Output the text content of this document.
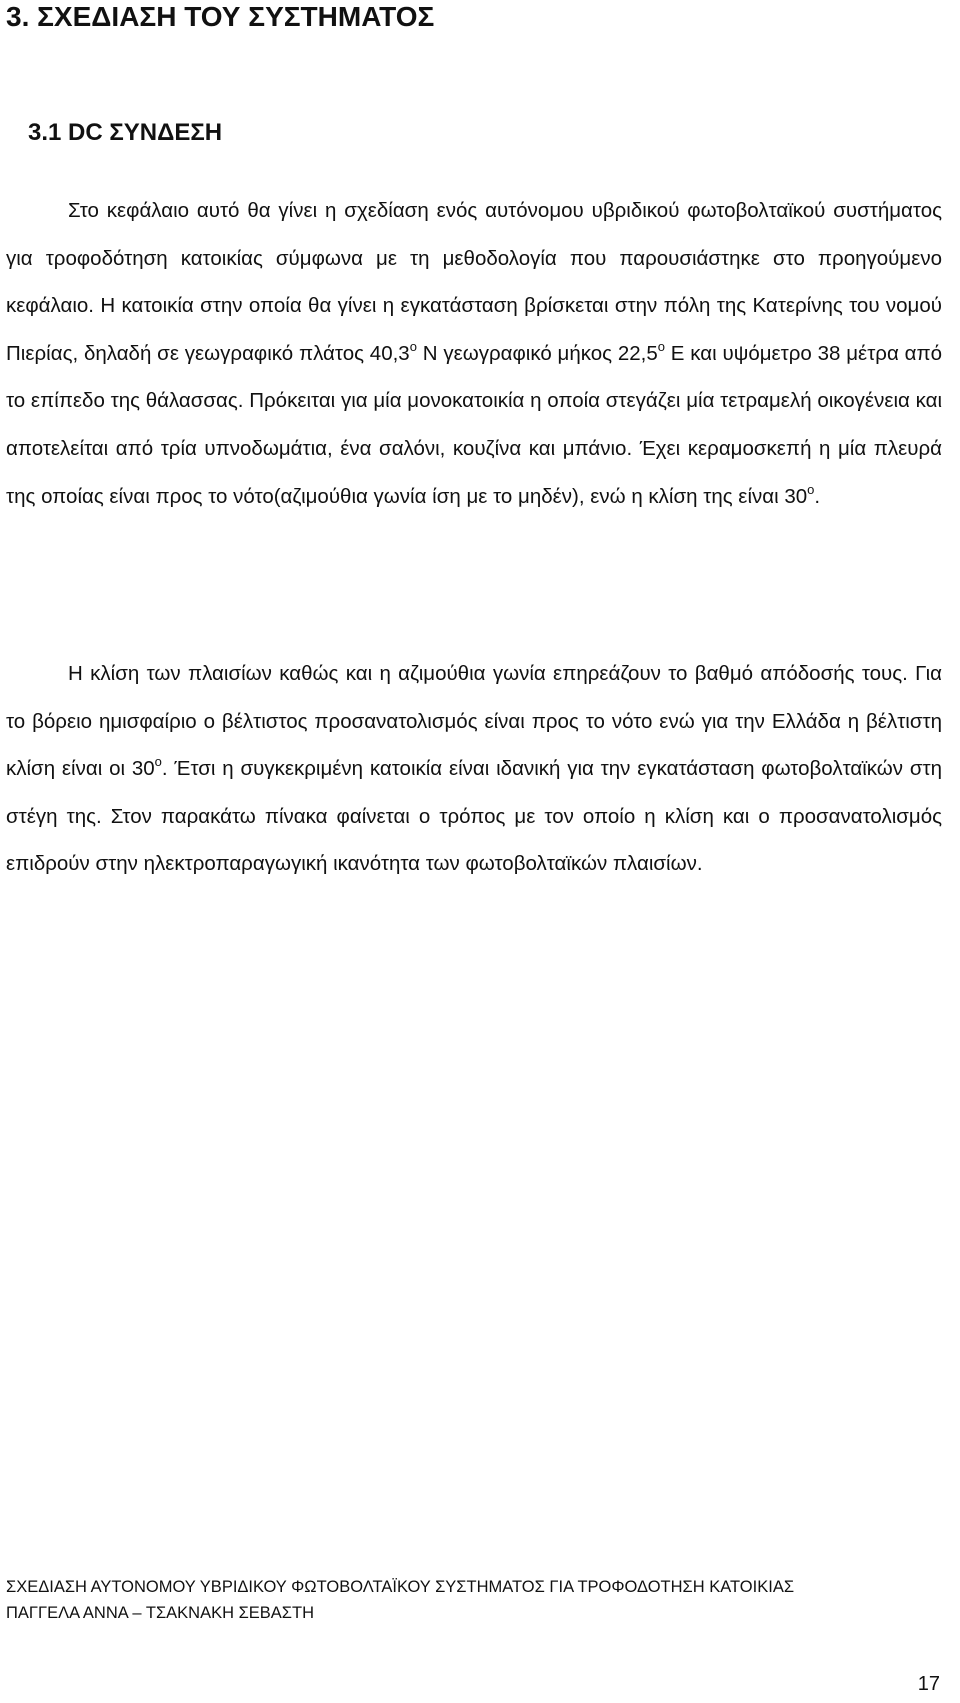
3. ΣΧΕΔΙΑΣΗ ΤΟΥ ΣΥΣΤΗΜΑΤΟΣ
3.1 DC ΣΥΝΔΕΣΗ

Στο κεφάλαιο αυτό θα γίνει η σχεδίαση ενός αυτόνομου υβριδικού φωτοβολταϊκού συστήματος για τροφοδότηση κατοικίας σύμφωνα με τη μεθοδολογία που παρουσιάστηκε στο προηγούμενο κεφάλαιο. Η κατοικία στην οποία θα γίνει η εγκατάσταση βρίσκεται στην πόλη της Κατερίνης του νομού Πιερίας, δηλαδή σε γεωγραφικό πλάτος $40,3^o$ Ν γεωγραφικό μήκος $22,5^o$ Ε και υψόμετρο 38 μέτρα από το επίπεδο της θάλασσας. Πρόκειται για μία μονοκατοικία η οποία στεγάζει μία τετραμελή οικογένεια και αποτελείται από τρία υπνοδωμάτια, ένα σαλόνι, κουζίνα και μπάνιο. Έχει κεραμοσκεπή η μία πλευρά της οποίας είναι προς το νότο(αζιμούθια γωνία ίση με το μηδέν), ενώ η κλίση της είναι $30^o$.

Η κλίση των πλαισίων καθώς και η αζιμούθια γωνία επηρεάζουν το βαθμό απόδοσής τους. Για το βόρειο ημισφαίριο ο βέλτιστος προσανατολισμός είναι προς το νότο ενώ για την Ελλάδα η βέλτιστη κλίση είναι οι $30^o$. Έτσι η συγκεκριμένη κατοικία είναι ιδανική για την εγκατάσταση φωτοβολταϊκών στη στέγη της. Στον παρακάτω πίνακα φαίνεται ο τρόπος με τον οποίο η κλίση και ο προσανατολισμός επιδρούν στην ηλεκτροπαραγωγική ικανότητα των φωτοβολταϊκών πλαισίων.

ΣΧΕΔΙΑΣΗ ΑΥΤΟΝΟΜΟΥ ΥΒΡΙΔΙΚΟΥ ΦΩΤΟΒΟΛΤΑΪΚΟΥ ΣΥΣΤΗΜΑΤΟΣ ΓΙΑ ΤΡΟΦΟΔΟΤΗΣΗ ΚΑΤΟΙΚΙΑΣ
ΠΑΓΓΕΛΑ ΑΝΝΑ – ΤΣΑΚΝΑΚΗ ΣΕΒΑΣΤΗ
17
